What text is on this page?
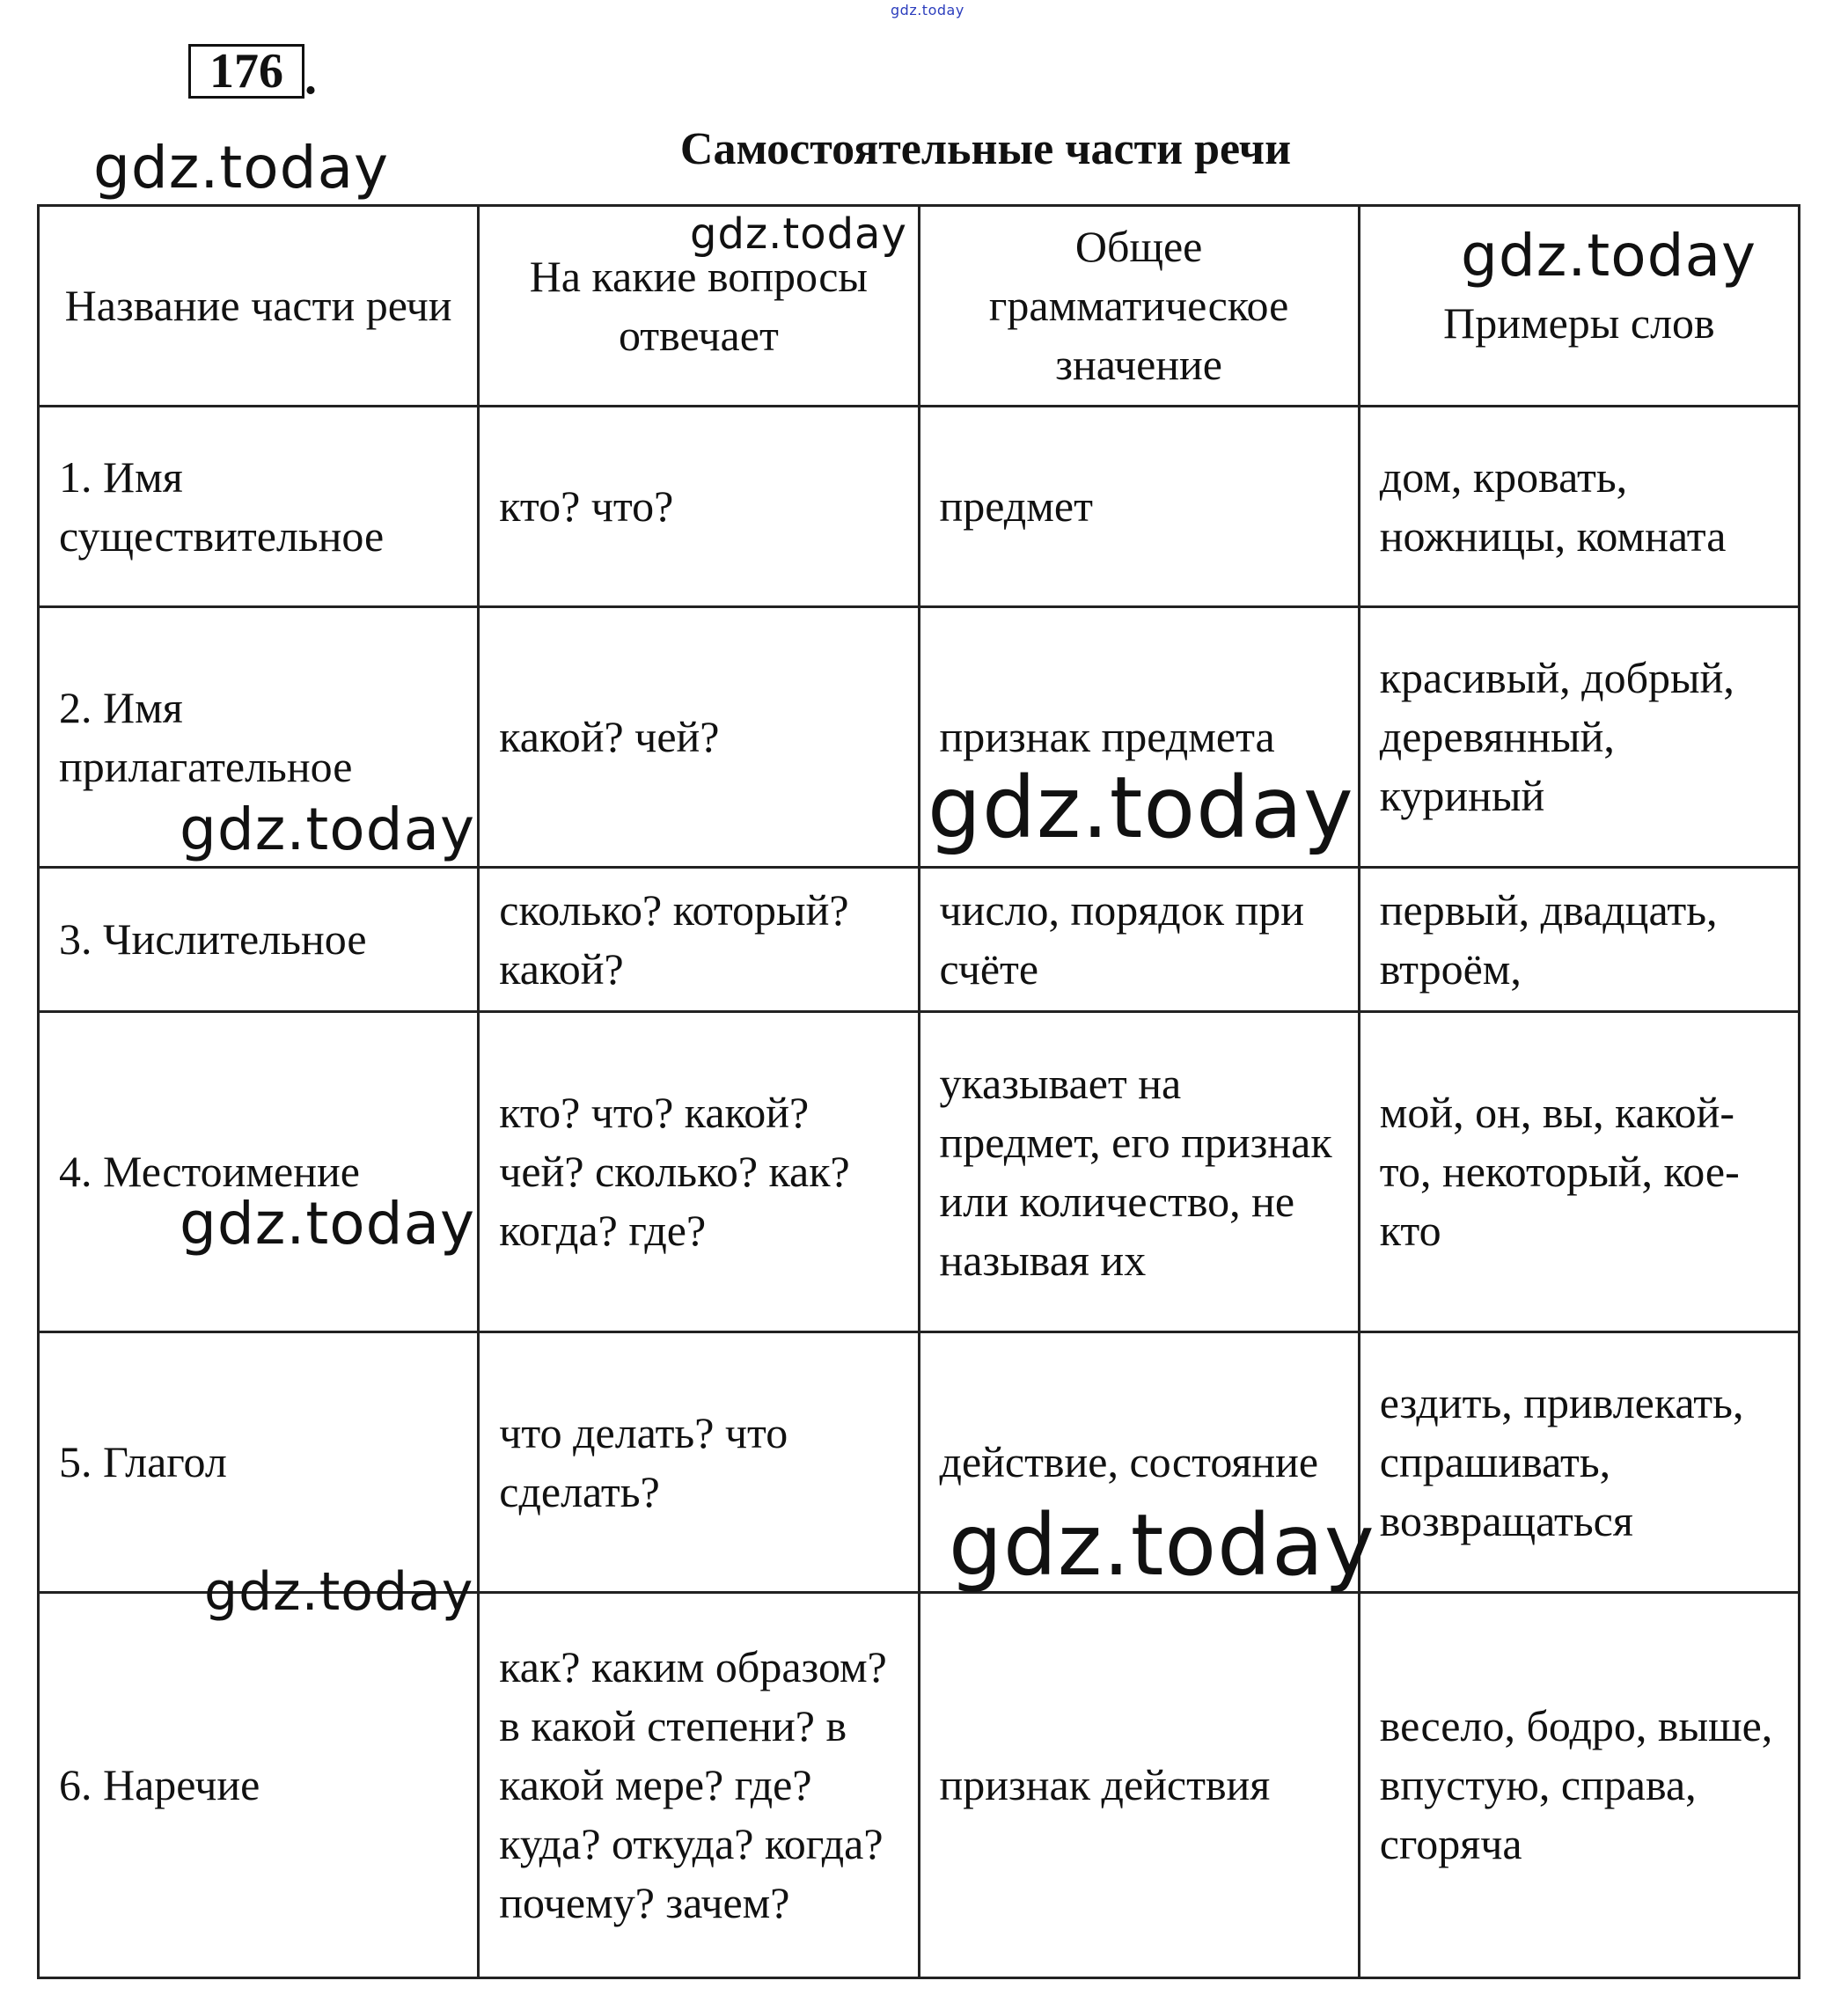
gdz.today
176 .
Самостоятельные части речи
Название части речи	На какие вопросы отвечает	Общее грамматическое значение	Примеры слов
1. Имя существительное	кто? что?	предмет	дом, кровать, ножницы, комната
2. Имя прилагательное	какой? чей?	признак предмета	красивый, добрый, деревянный, куриный
3. Числительное	сколько? который? какой?	число, порядок при счёте	первый, двадцать, втроём,
4. Местоимение	кто? что? какой? чей? сколько? как? когда? где?	указывает на предмет, его признак или количество, не называя их	мой, он, вы, какой-то, некоторый, кое-кто
5. Глагол	что делать? что сделать?	действие, состояние	ездить, привлекать, спрашивать, возвращаться
6. Наречие	как? каким образом? в какой степени? в какой мере? где? куда? откуда? когда? почему? зачем?	признак действия	весело, бодро, выше, впустую, справа, сгоряча
gdz.today
gdz.today	gdz.today
gdz.today	gdz.today
gdz.today
gdz.today
gdz.today
